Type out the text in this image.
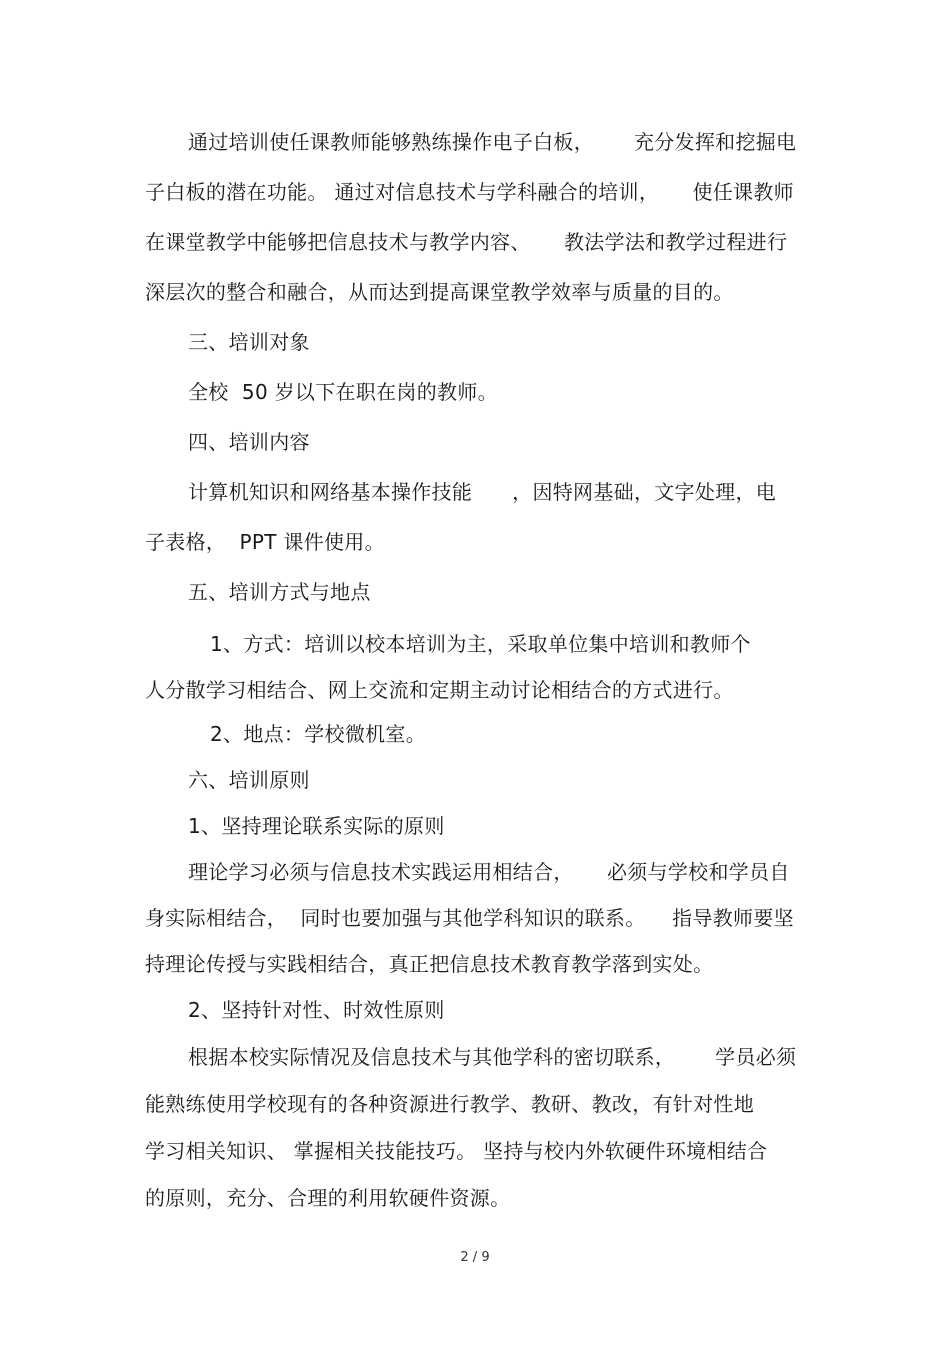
通过培训使任课教师能够熟练操作电子白板，      充分发挥和挖掘电
子白板的潜在功能。 通过对信息技术与学科融合的培训，     使任课教师
在课堂教学中能够把信息技术与教学内容、     教法学法和教学过程进行
深层次的整合和融合，从而达到提高课堂教学效率与质量的目的。
三、培训对象
全校  50 岁以下在职在岗的教师。
四、培训内容
计算机知识和网络基本操作技能      ，因特网基础，文字处理，电
子表格，  PPT 课件使用。
五、培训方式与地点
1、方式：培训以校本培训为主，采取单位集中培训和教师个
人分散学习相结合、网上交流和定期主动讨论相结合的方式进行。
2、地点：学校微机室。
六、培训原则
1、坚持理论联系实际的原则
理论学习必须与信息技术实践运用相结合，     必须与学校和学员自
身实际相结合，  同时也要加强与其他学科知识的联系。    指导教师要坚
持理论传授与实践相结合，真正把信息技术教育教学落到实处。
2、坚持针对性、时效性原则
根据本校实际情况及信息技术与其他学科的密切联系，      学员必须
能熟练使用学校现有的各种资源进行教学、教研、教改，有针对性地
学习相关知识、 掌握相关技能技巧。 坚持与校内外软硬件环境相结合
的原则，充分、合理的利用软硬件资源。
2 / 9
